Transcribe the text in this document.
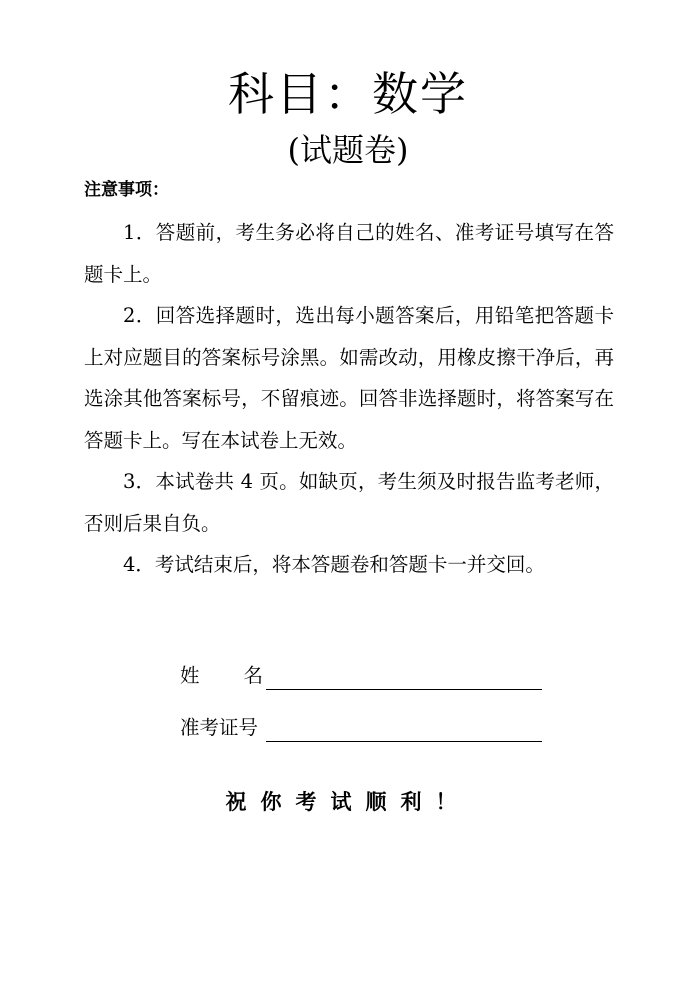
科目：数学
(试题卷)
注意事项：

1．答题前，考生务必将自己的姓名、准考证号填写在答题卡上。

2．回答选择题时，选出每小题答案后，用铅笔把答题卡上对应题目的答案标号涂黑。如需改动，用橡皮擦干净后，再选涂其他答案标号，不留痕迹。回答非选择题时，将答案写在答题卡上。写在本试卷上无效。

3．本试卷共 4 页。如缺页，考生须及时报告监考老师，否则后果自负。

4．考试结束后，将本答题卷和答题卡一并交回。

姓名
准考证号
祝你考试顺利！
